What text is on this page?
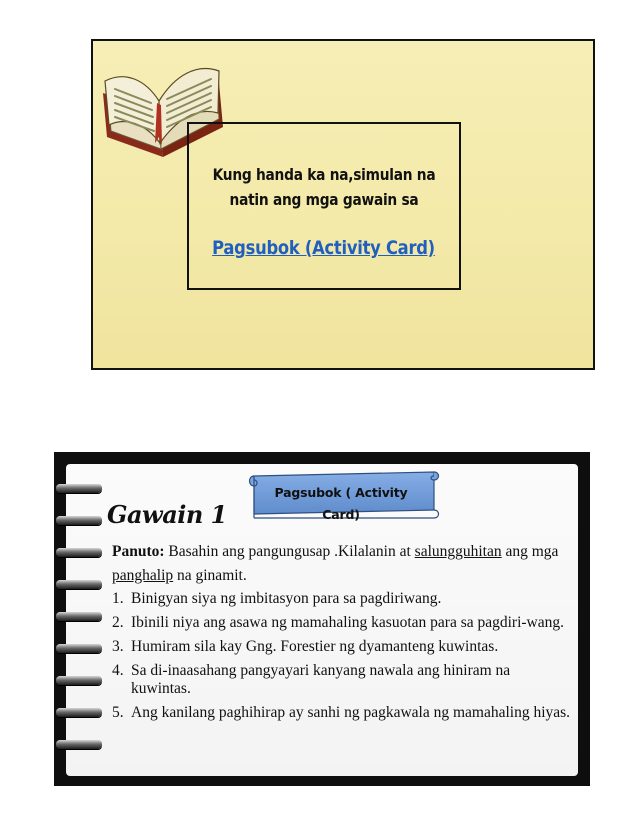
Kung handa ka na,simulan na
natin ang mga gawain sa
Pagsubok (Activity Card)
Pagsubok ( Activity Card)
Gawain 1
Panuto: Basahin ang pangungusap .Kilalanin at salungguhitan ang mga panghalip na ginamit.
1. Binigyan siya ng imbitasyon para sa pagdiriwang.
2. Ibinili niya ang asawa ng mamahaling kasuotan para sa pagdiri-wang.
3. Humiram sila kay Gng. Forestier ng dyamanteng kuwintas.
4. Sa di-inaasahang pangyayari kanyang nawala ang hiniram na kuwintas.
5. Ang kanilang paghihirap ay sanhi ng pagkawala ng mamahaling hiyas.
